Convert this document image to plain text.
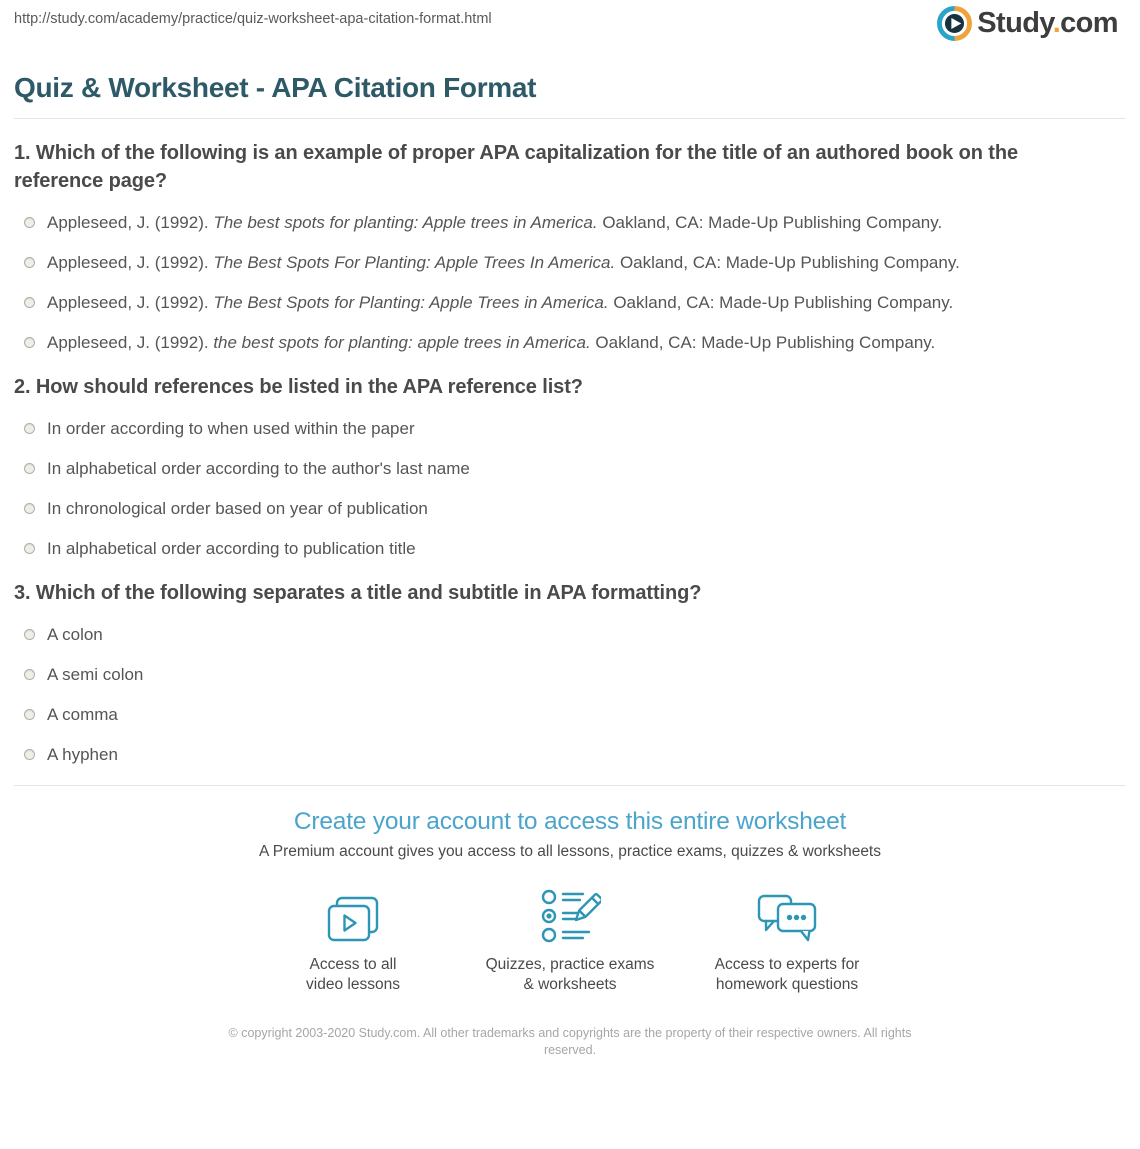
http://study.com/academy/practice/quiz-worksheet-apa-citation-format.html	Study.com
Quiz & Worksheet - APA Citation Format
1. Which of the following is an example of proper APA capitalization for the title of an authored book on the reference page?
Appleseed, J. (1992). The best spots for planting: Apple trees in America. Oakland, CA: Made-Up Publishing Company.
Appleseed, J. (1992). The Best Spots For Planting: Apple Trees In America. Oakland, CA: Made-Up Publishing Company.
Appleseed, J. (1992). The Best Spots for Planting: Apple Trees in America. Oakland, CA: Made-Up Publishing Company.
Appleseed, J. (1992). the best spots for planting: apple trees in America. Oakland, CA: Made-Up Publishing Company.
2. How should references be listed in the APA reference list?
In order according to when used within the paper
In alphabetical order according to the author's last name
In chronological order based on year of publication
In alphabetical order according to publication title
3. Which of the following separates a title and subtitle in APA formatting?
A colon
A semi colon
A comma
A hyphen
Create your account to access this entire worksheet
A Premium account gives you access to all lessons, practice exams, quizzes & worksheets
Access to all
video lessons
Quizzes, practice exams
& worksheets
Access to experts for
homework questions
© copyright 2003-2020 Study.com. All other trademarks and copyrights are the property of their respective owners. All rights reserved.
